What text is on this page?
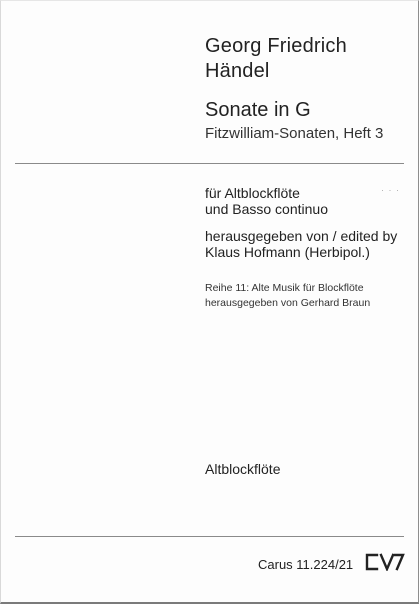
Georg Friedrich
Händel
Sonate in G
Fitzwilliam-Sonaten, Heft 3
für Altblockflöte	· · ·
und Basso continuo
herausgegeben von / edited by
Klaus Hofmann (Herbipol.)
Reihe 11: Alte Musik für Blockflöte
herausgegeben von Gerhard Braun
Altblockflöte
Carus 11.224/21
